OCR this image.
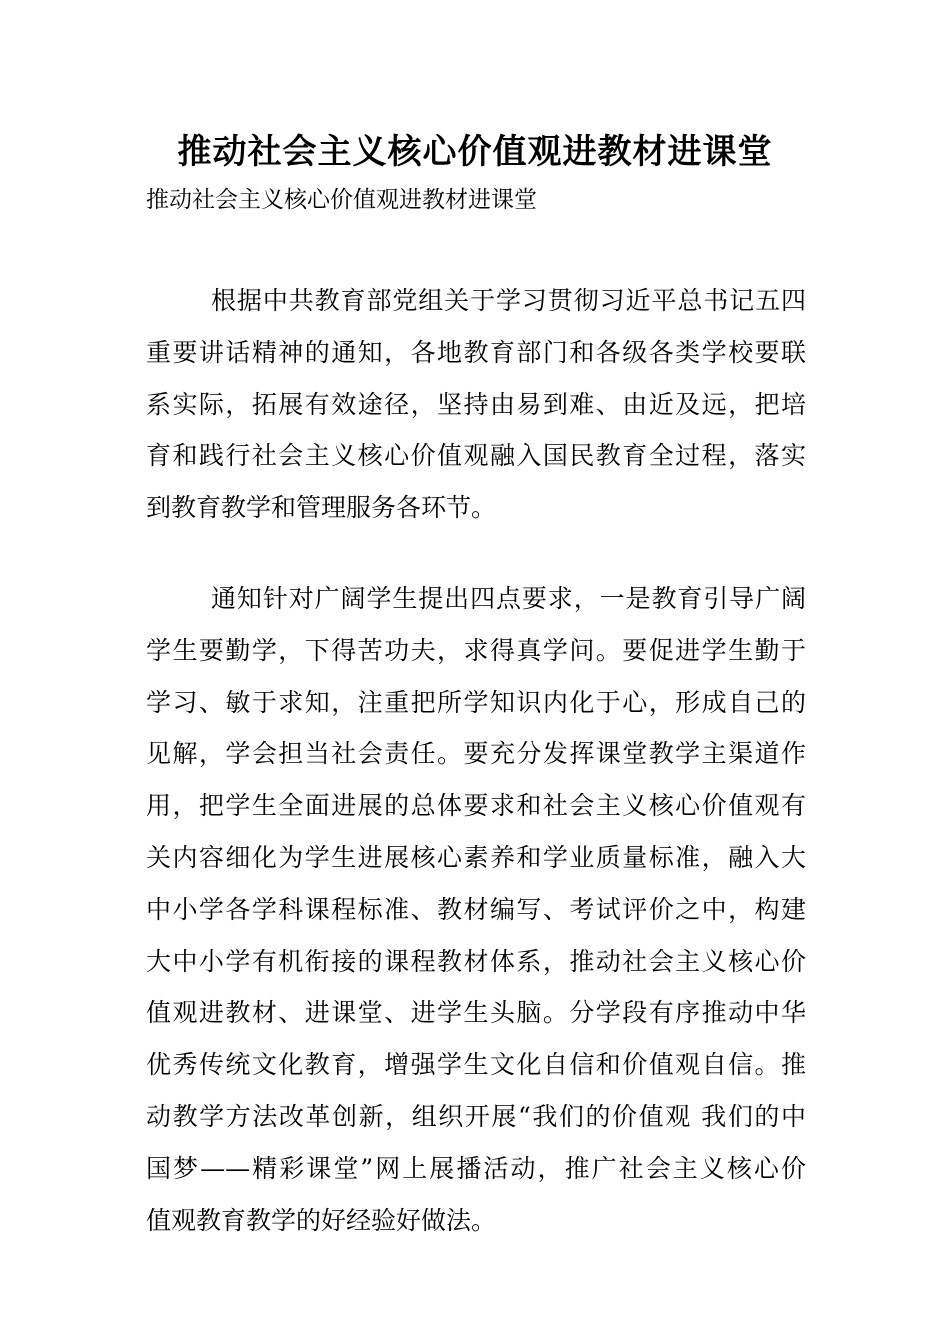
推动社会主义核心价值观进教材进课堂
推动社会主义核心价值观进教材进课堂
根据中共教育部党组关于学习贯彻习近平总书记五四
重要讲话精神的通知，各地教育部门和各级各类学校要联
系实际，拓展有效途径，坚持由易到难、由近及远，把培
育和践行社会主义核心价值观融入国民教育全过程，落实
到教育教学和管理服务各环节。
通知针对广阔学生提出四点要求，一是教育引导广阔
学生要勤学，下得苦功夫，求得真学问。要促进学生勤于
学习、敏于求知，注重把所学知识内化于心，形成自己的
见解，学会担当社会责任。要充分发挥课堂教学主渠道作
用，把学生全面进展的总体要求和社会主义核心价值观有
关内容细化为学生进展核心素养和学业质量标准，融入大
中小学各学科课程标准、教材编写、考试评价之中，构建
大中小学有机衔接的课程教材体系，推动社会主义核心价
值观进教材、进课堂、进学生头脑。分学段有序推动中华
优秀传统文化教育，增强学生文化自信和价值观自信。推
动教学方法改革创新，组织开展“我们的价值观 我们的中
国梦——精彩课堂”网上展播活动，推广社会主义核心价
值观教育教学的好经验好做法。
